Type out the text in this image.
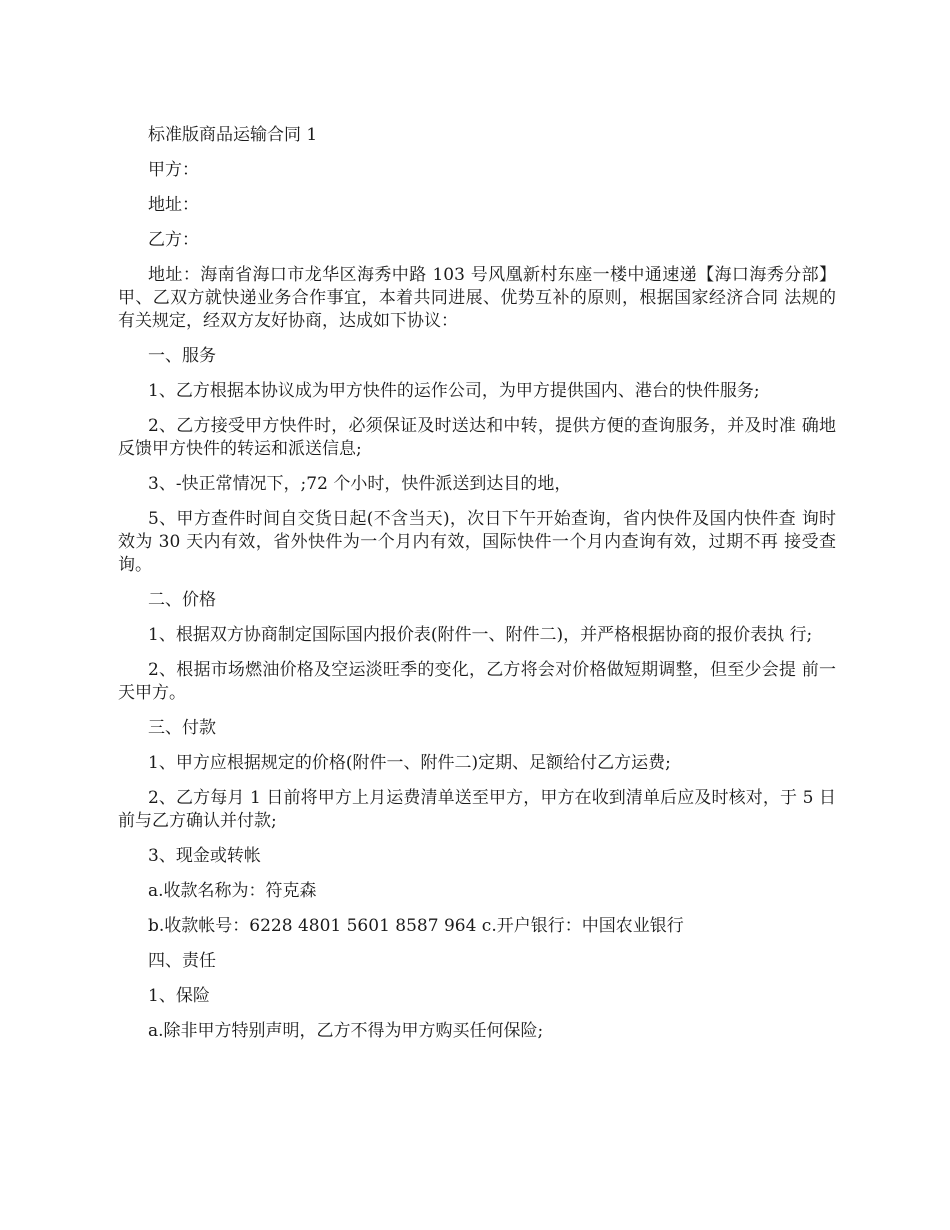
标准版商品运输合同 1

甲方：

地址：

乙方：

地址：海南省海口市龙华区海秀中路 103 号风凰新村东座一楼中通速递【海口海秀分部】甲、乙双方就快递业务合作事宜，本着共同进展、优势互补的原则，根据国家经济合同 法规的有关规定，经双方友好协商，达成如下协议：

一、服务

1、乙方根据本协议成为甲方快件的运作公司，为甲方提供国内、港台的快件服务;

2、乙方接受甲方快件时，必须保证及时送达和中转，提供方便的查询服务，并及时准 确地反馈甲方快件的转运和派送信息;

3、-快正常情况下，;72 个小时，快件派送到达目的地，

5、甲方查件时间自交货日起(不含当天)，次日下午开始查询，省内快件及国内快件查 询时效为 30 天内有效，省外快件为一个月内有效，国际快件一个月内查询有效，过期不再 接受查询。

二、价格

1、根据双方协商制定国际国内报价表(附件一、附件二)，并严格根据协商的报价表执 行;

2、根据市场燃油价格及空运淡旺季的变化，乙方将会对价格做短期调整，但至少会提 前一天甲方。

三、付款

1、甲方应根据规定的价格(附件一、附件二)定期、足额给付乙方运费;

2、乙方每月 1 日前将甲方上月运费清单送至甲方，甲方在收到清单后应及时核对，于 5 日前与乙方确认并付款;

3、现金或转帐

a.收款名称为：符克森

b.收款帐号：6228 4801 5601 8587 964 c.开户银行：中国农业银行

四、责任

1、保险

a.除非甲方特别声明，乙方不得为甲方购买任何保险;
